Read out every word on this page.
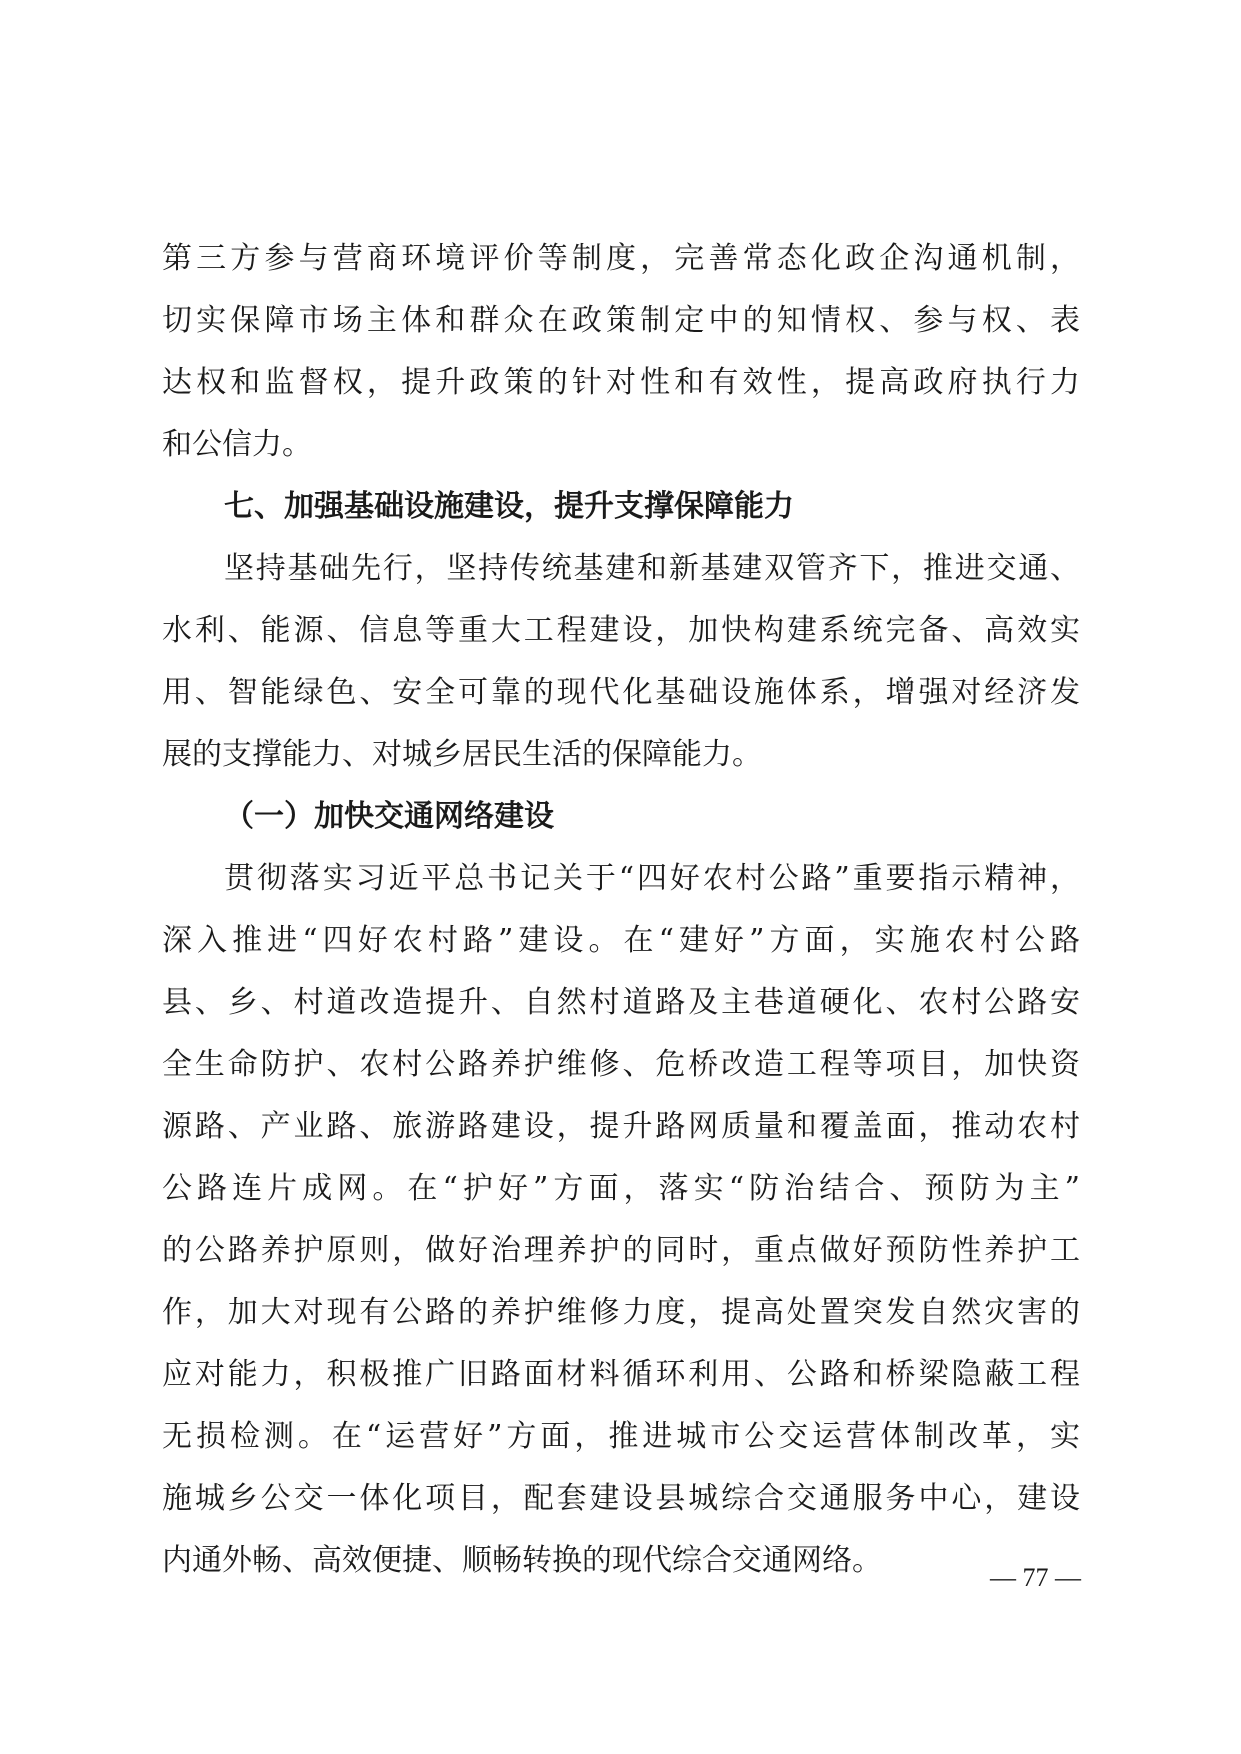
第三方参与营商环境评价等制度，完善常态化政企沟通机制，
切实保障市场主体和群众在政策制定中的知情权、参与权、表
达权和监督权，提升政策的针对性和有效性，提高政府执行力
和公信力。
七、加强基础设施建设，提升支撑保障能力
坚持基础先行，坚持传统基建和新基建双管齐下，推进交通、
水利、能源、信息等重大工程建设，加快构建系统完备、高效实
用、智能绿色、安全可靠的现代化基础设施体系，增强对经济发
展的支撑能力、对城乡居民生活的保障能力。
（一）加快交通网络建设
贯彻落实习近平总书记关于“四好农村公路”重要指示精神，
深入推进“四好农村路”建设。在“建好”方面，实施农村公路
县、乡、村道改造提升、自然村道路及主巷道硬化、农村公路安
全生命防护、农村公路养护维修、危桥改造工程等项目，加快资
源路、产业路、旅游路建设，提升路网质量和覆盖面，推动农村
公路连片成网。在“护好”方面，落实“防治结合、预防为主”
的公路养护原则，做好治理养护的同时，重点做好预防性养护工
作，加大对现有公路的养护维修力度，提高处置突发自然灾害的
应对能力，积极推广旧路面材料循环利用、公路和桥梁隐蔽工程
无损检测。在“运营好”方面，推进城市公交运营体制改革，实
施城乡公交一体化项目，配套建设县城综合交通服务中心，建设
内通外畅、高效便捷、顺畅转换的现代综合交通网络。	— 77 —
